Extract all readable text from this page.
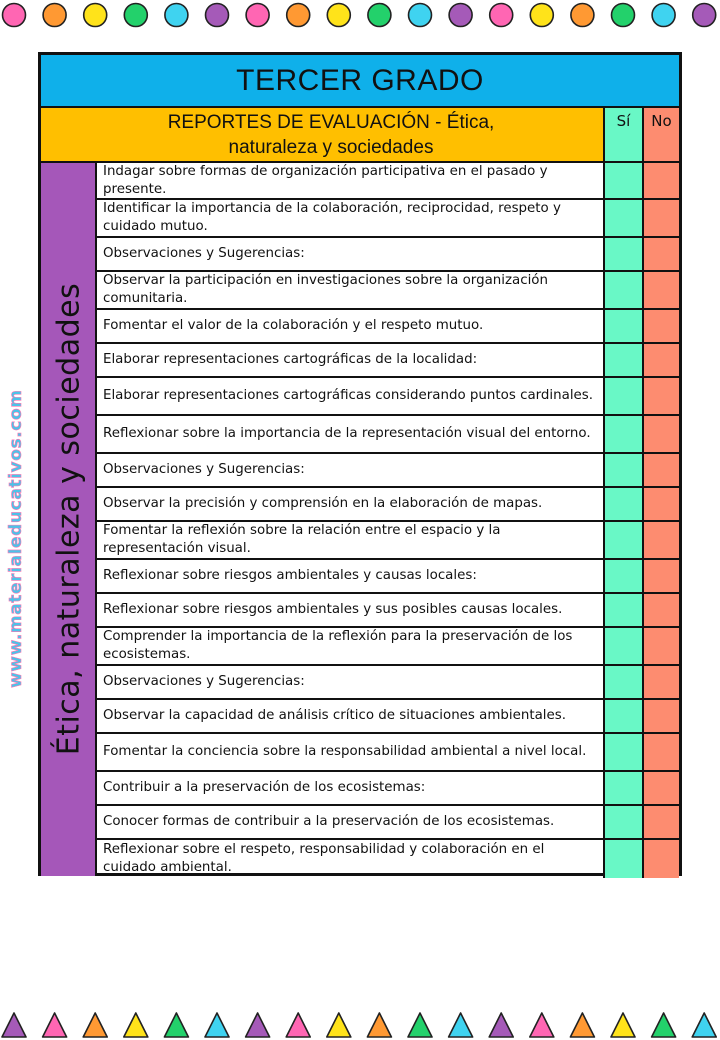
www.materialeducativos.com
TERCER GRADO
REPORTES DE EVALUACIÓN - Ética, naturaleza y sociedades
Sí	No
Ética, naturaleza y sociedades
Indagar sobre formas de organización participativa en el pasado y presente.
Identificar la importancia de la colaboración, reciprocidad, respeto y cuidado mutuo.
Observaciones y Sugerencias:
Observar la participación en investigaciones sobre la organización comunitaria.
Fomentar el valor de la colaboración y el respeto mutuo.
Elaborar representaciones cartográficas de la localidad:
Elaborar representaciones cartográficas considerando puntos cardinales.
Reflexionar sobre la importancia de la representación visual del entorno.
Observaciones y Sugerencias:
Observar la precisión y comprensión en la elaboración de mapas.
Fomentar la reflexión sobre la relación entre el espacio y la representación visual.
Reflexionar sobre riesgos ambientales y causas locales:
Reflexionar sobre riesgos ambientales y sus posibles causas locales.
Comprender la importancia de la reflexión para la preservación de los ecosistemas.
Observaciones y Sugerencias:
Observar la capacidad de análisis crítico de situaciones ambientales.
Fomentar la conciencia sobre la responsabilidad ambiental a nivel local.
Contribuir a la preservación de los ecosistemas:
Conocer formas de contribuir a la preservación de los ecosistemas.
Reflexionar sobre el respeto, responsabilidad y colaboración en el cuidado ambiental.
